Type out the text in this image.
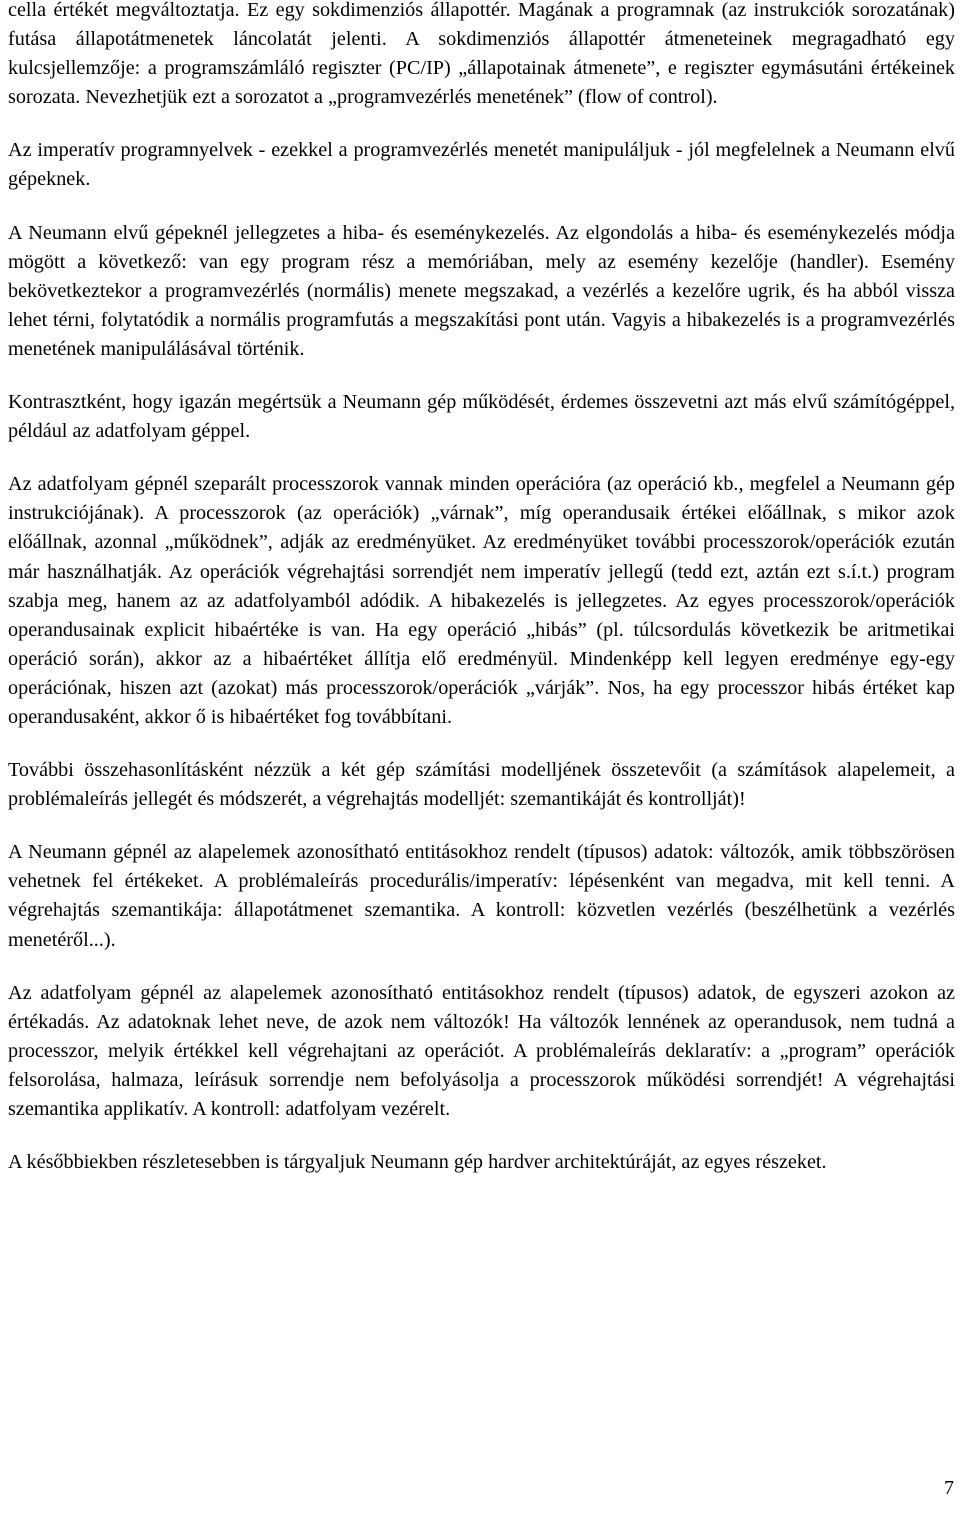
cella értékét megváltoztatja. Ez egy sokdimenziós állapottér. Magának a programnak (az instrukciók sorozatának) futása állapotátmenetek láncolatát jelenti. A sokdimenziós állapottér átmeneteinek megragadható egy kulcsjellemzője: a programszámláló regiszter (PC/IP) „állapotainak átmenete”, e regiszter egymásutáni értékeinek sorozata. Nevezhetjük ezt a sorozatot a „programvezérlés menetének” (flow of control).

Az imperatív programnyelvek - ezekkel a programvezérlés menetét manipuláljuk - jól megfelelnek a Neumann elvű gépeknek.

A Neumann elvű gépeknél jellegzetes a hiba- és eseménykezelés. Az elgondolás a hiba- és eseménykezelés módja mögött a következő: van egy program rész a memóriában, mely az esemény kezelője (handler). Esemény bekövetkeztekor a programvezérlés (normális) menete megszakad, a vezérlés a kezelőre ugrik, és ha abból vissza lehet térni, folytatódik a normális programfutás a megszakítási pont után. Vagyis a hibakezelés is a programvezérlés menetének manipulálásával történik.

Kontrasztként, hogy igazán megértsük a Neumann gép működését, érdemes összevetni azt más elvű számítógéppel, például az adatfolyam géppel.

Az adatfolyam gépnél szeparált processzorok vannak minden operációra (az operáció kb., megfelel a Neumann gép instrukciójának). A processzorok (az operációk) „várnak”, míg operandusaik értékei előállnak, s mikor azok előállnak, azonnal „működnek”, adják az eredményüket. Az eredményüket további processzorok/operációk ezután már használhatják. Az operációk végrehajtási sorrendjét nem imperatív jellegű (tedd ezt, aztán ezt s.í.t.) program szabja meg, hanem az az adatfolyamból adódik. A hibakezelés is jellegzetes. Az egyes processzorok/operációk operandusainak explicit hibaértéke is van. Ha egy operáció „hibás” (pl. túlcsordulás következik be aritmetikai operáció során), akkor az a hibaértéket állítja elő eredményül. Mindenképp kell legyen eredménye egy-egy operációnak, hiszen azt (azokat) más processzorok/operációk „várják”. Nos, ha egy processzor hibás értéket kap operandusaként, akkor ő is hibaértéket fog továbbítani.

További összehasonlításként nézzük a két gép számítási modelljének összetevőit (a számítások alapelemeit, a problémaleírás jellegét és módszerét, a végrehajtás modelljét: szemantikáját és kontrollját)!

A Neumann gépnél az alapelemek azonosítható entitásokhoz rendelt (típusos) adatok: változók, amik többszörösen vehetnek fel értékeket. A problémaleírás procedurális/imperatív: lépésenként van megadva, mit kell tenni. A végrehajtás szemantikája: állapotátmenet szemantika. A kontroll: közvetlen vezérlés (beszélhetünk a vezérlés menetéről...).

Az adatfolyam gépnél az alapelemek azonosítható entitásokhoz rendelt (típusos) adatok, de egyszeri azokon az értékadás. Az adatoknak lehet neve, de azok nem változók! Ha változók lennének az operandusok, nem tudná a processzor, melyik értékkel kell végrehajtani az operációt. A problémaleírás deklaratív: a „program” operációk felsorolása, halmaza, leírásuk sorrendje nem befolyásolja a processzorok működési sorrendjét! A végrehajtási szemantika applikatív. A kontroll: adatfolyam vezérelt.

A későbbiekben részletesebben is tárgyaljuk Neumann gép hardver architektúráját, az egyes részeket.

7
